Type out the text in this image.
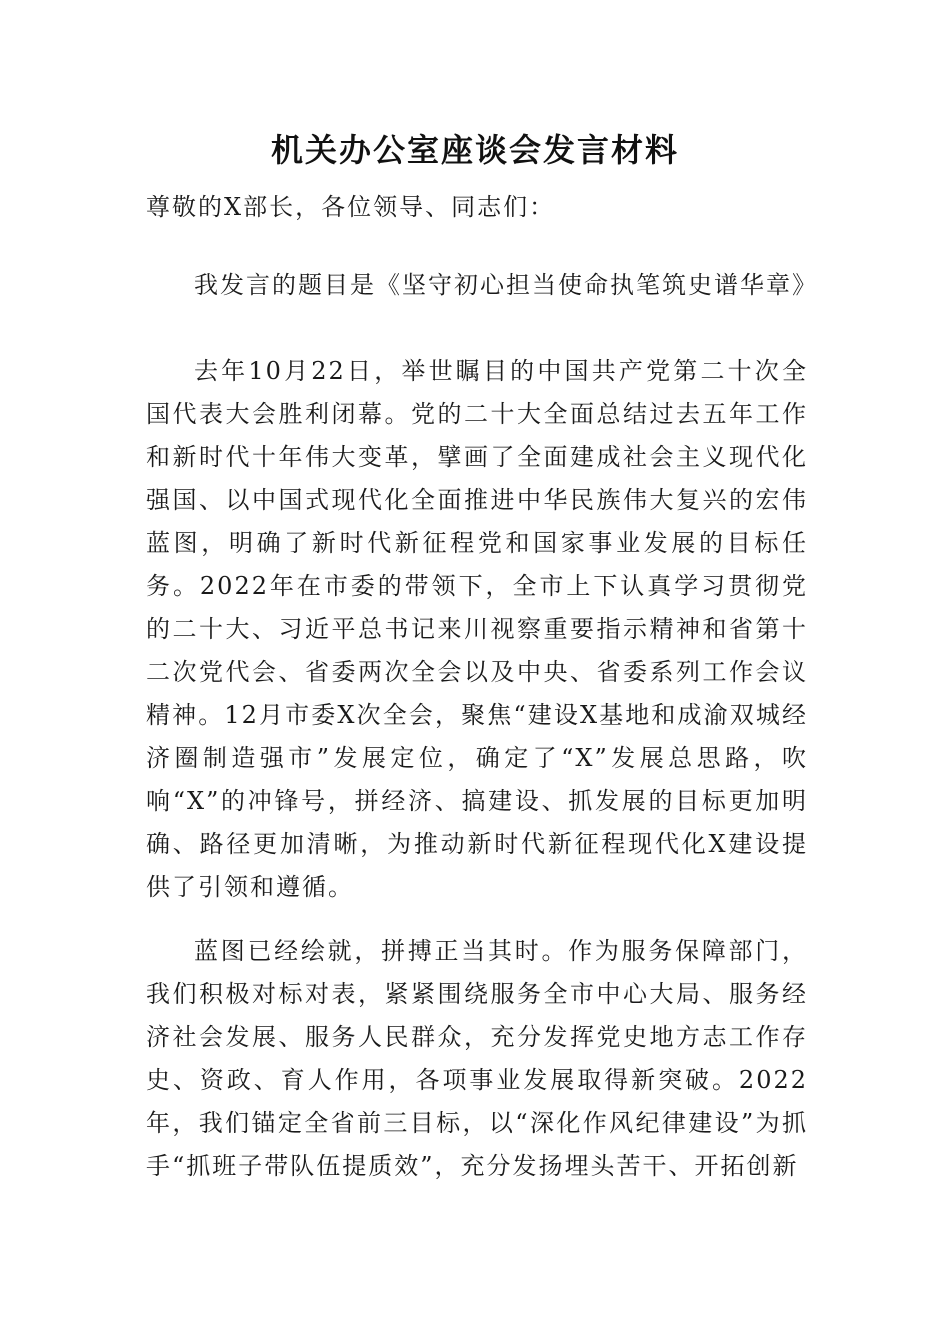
机关办公室座谈会发言材料
尊敬的X部长，各位领导、同志们：

我发言的题目是《坚守初心担当使命执笔筑史谱华章》

去年10月22日，举世瞩目的中国共产党第二十次全国代表大会胜利闭幕。党的二十大全面总结过去五年工作和新时代十年伟大变革，擘画了全面建成社会主义现代化强国、以中国式现代化全面推进中华民族伟大复兴的宏伟蓝图，明确了新时代新征程党和国家事业发展的目标任务。2022年在市委的带领下，全市上下认真学习贯彻党的二十大、习近平总书记来川视察重要指示精神和省第十二次党代会、省委两次全会以及中央、省委系列工作会议精神。12月市委X次全会，聚焦“建设X基地和成渝双城经济圈制造强市”发展定位，确定了“X”发展总思路，吹响“X”的冲锋号，拼经济、搞建设、抓发展的目标更加明确、路径更加清晰，为推动新时代新征程现代化X建设提供了引领和遵循。

蓝图已经绘就，拼搏正当其时。作为服务保障部门，我们积极对标对表，紧紧围绕服务全市中心大局、服务经济社会发展、服务人民群众，充分发挥党史地方志工作存史、资政、育人作用，各项事业发展取得新突破。2022年，我们锚定全省前三目标，以“深化作风纪律建设”为抓手“抓班子带队伍提质效”，充分发扬埋头苦干、开拓创新
